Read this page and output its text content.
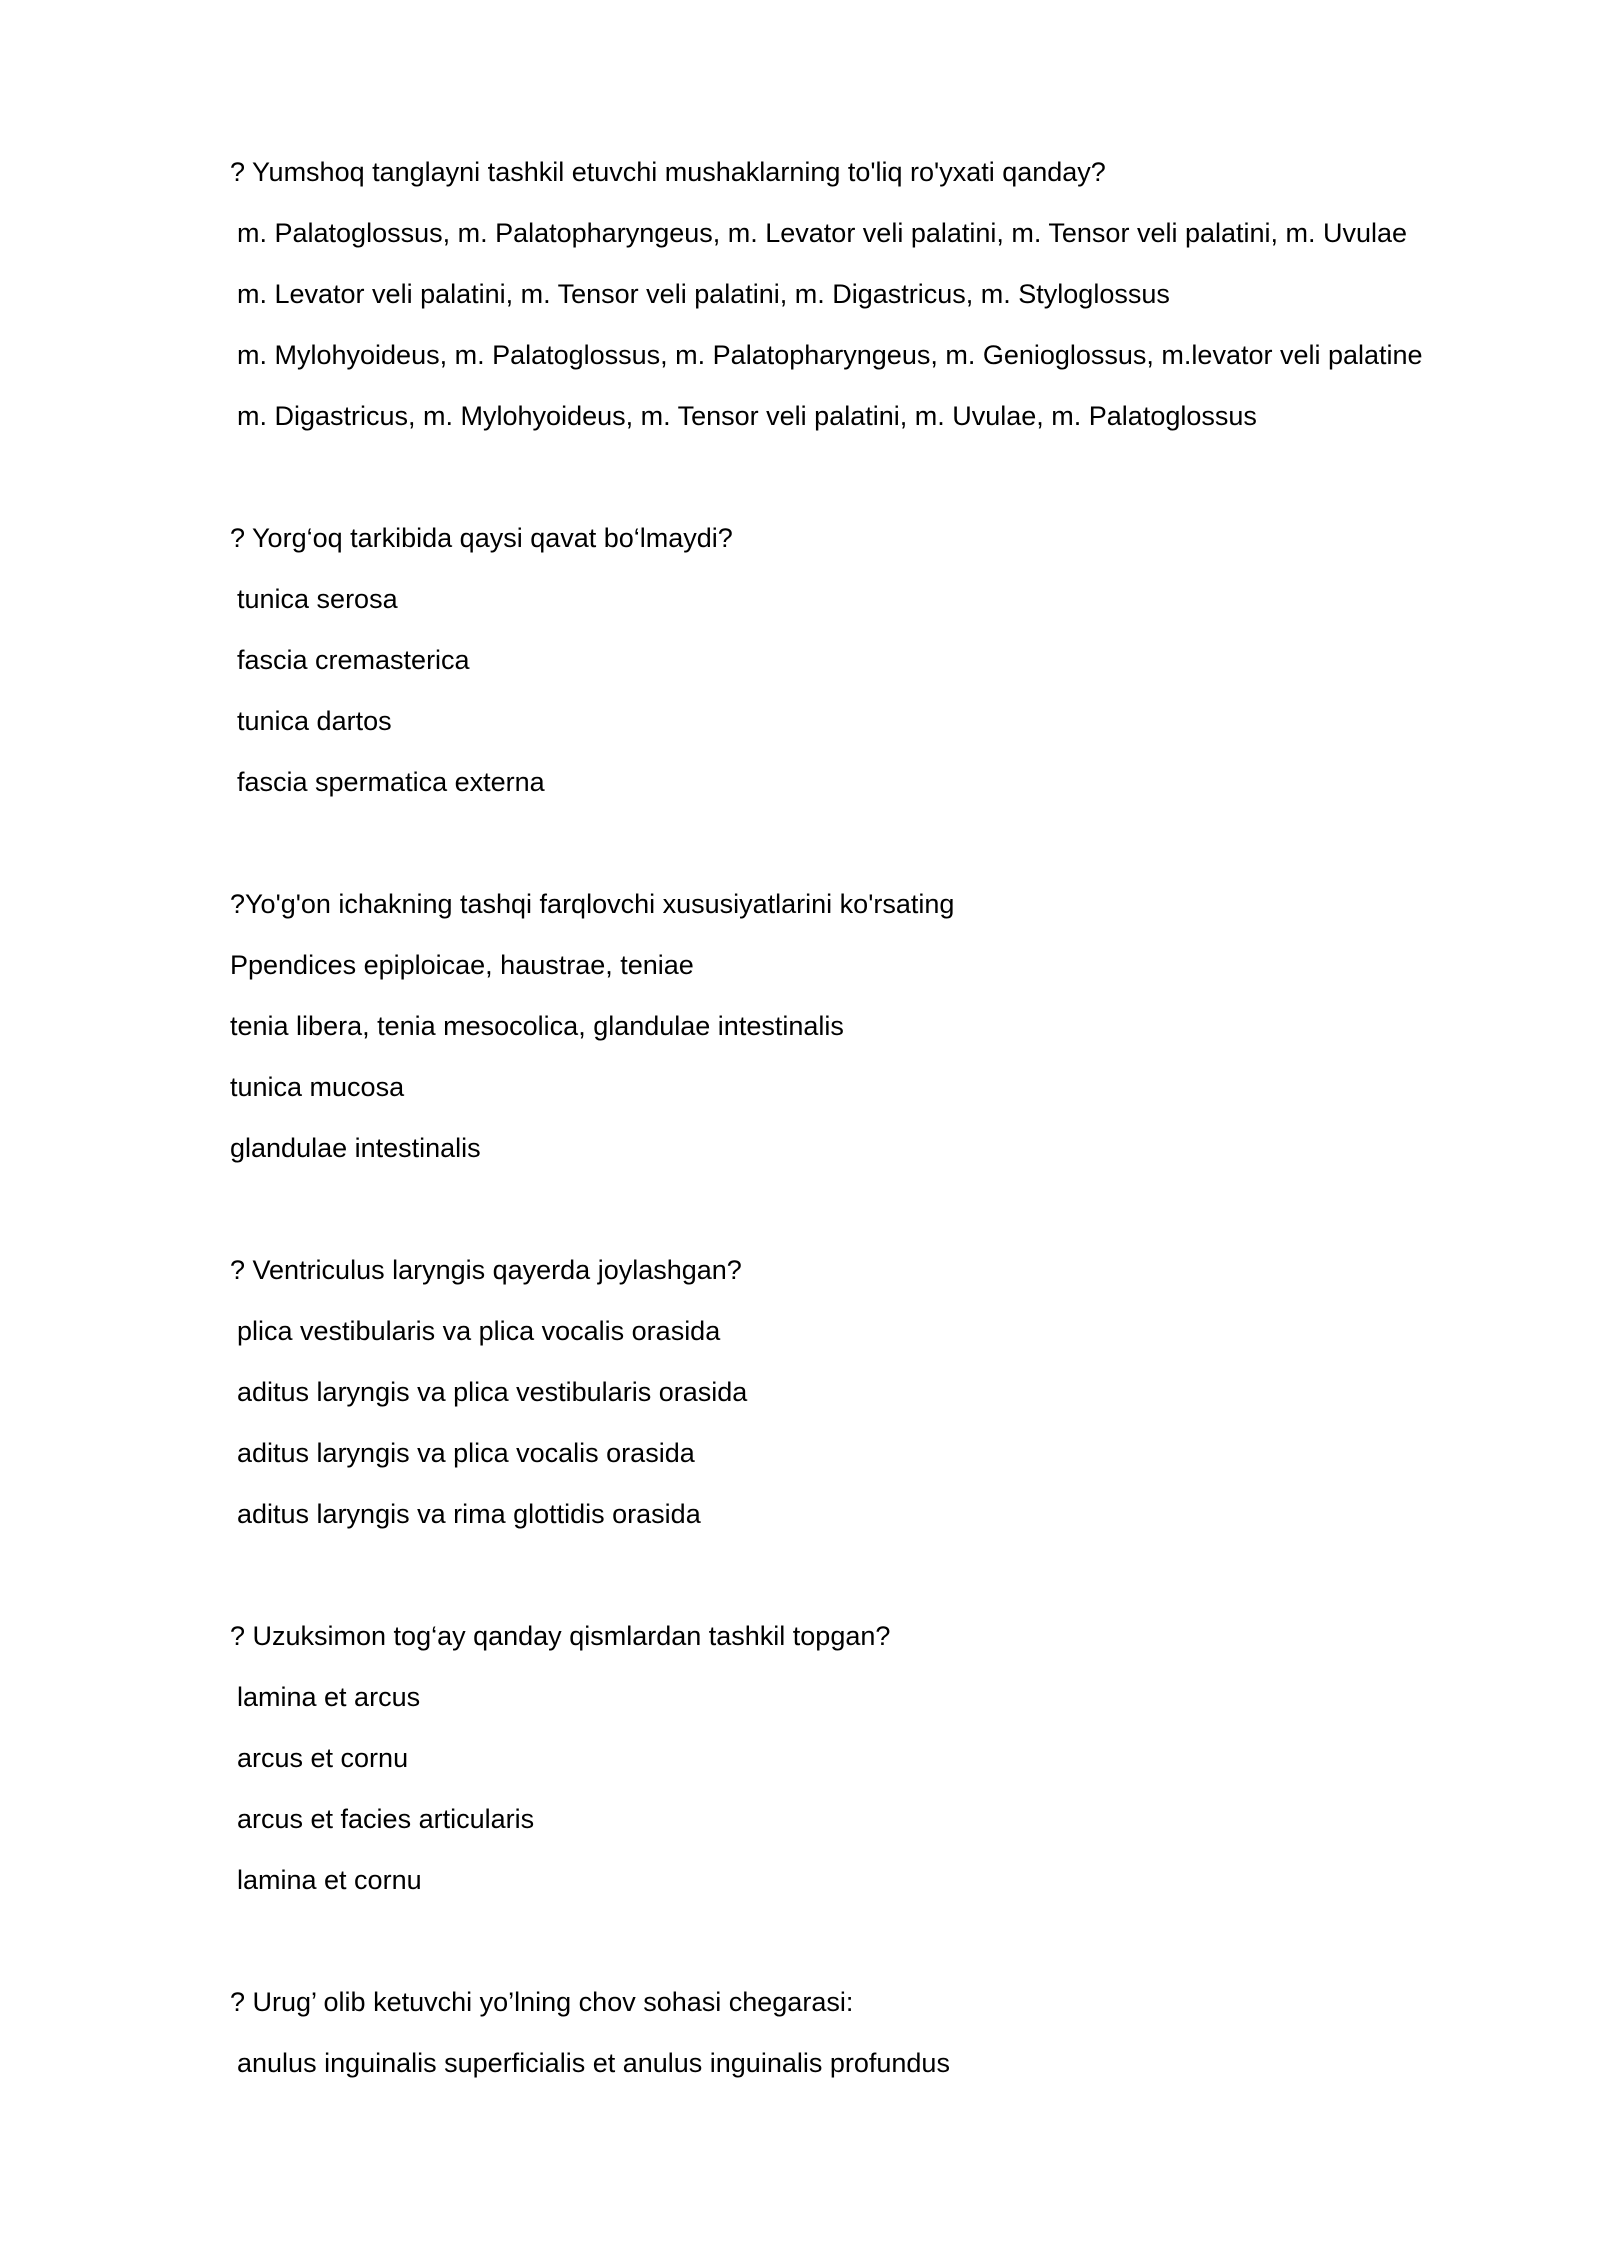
? Yumshoq tanglayni tashkil etuvchi mushaklarning to'liq ro'yxati qanday?
m. Palatoglossus, m. Palatopharyngeus, m. Levator veli palatini, m. Tensor veli palatini, m. Uvulae
m. Levator veli palatini, m. Tensor veli palatini, m. Digastricus, m. Styloglossus
m. Mylohyoideus, m. Palatoglossus, m. Palatopharyngeus, m. Genioglossus, m.levator veli palatine
m. Digastricus, m. Mylohyoideus, m. Tensor veli palatini, m. Uvulae, m. Palatoglossus
? Yorg‘oq tarkibida qaysi qavat bo‘lmaydi?
tunica serosa
fascia cremasterica
tunica dartos
fascia spermatica externa
?Yo'g'on ichakning tashqi farqlovchi xususiyatlarini ko'rsating
Ppendices epiploicae, haustrae, teniae
tenia libera, tenia mesocolica, glandulae intestinalis
tunica mucosa
glandulae intestinalis
? Ventriculus laryngis qayerda joylashgan?
plica vestibularis va plica vocalis orasida
aditus laryngis va plica vestibularis orasida
aditus laryngis va plica vocalis orasida
aditus laryngis va rima glottidis orasida
? Uzuksimon tog‘ay qanday qismlardan tashkil topgan?
lamina et arcus
arcus et cornu
arcus et facies articularis
lamina et cornu
? Urug’ olib ketuvchi yo’lning chov sohasi chegarasi:
anulus inguinalis superficialis et anulus inguinalis profundus
